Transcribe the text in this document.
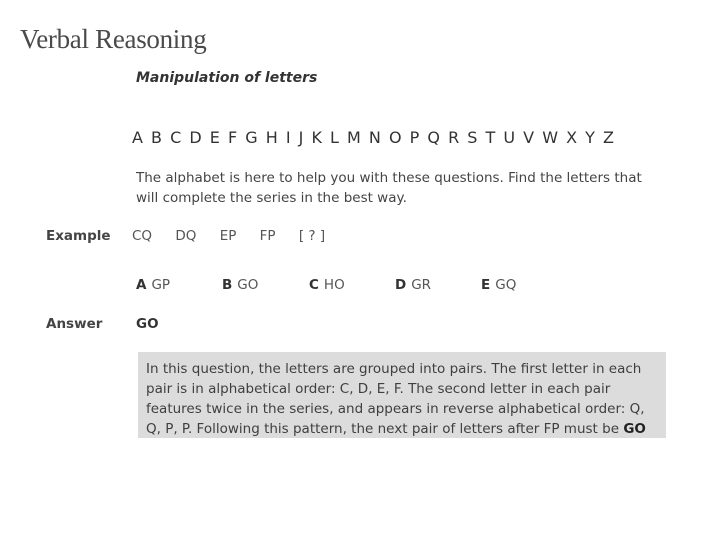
Verbal Reasoning
Manipulation of letters
A B C D E F G H I J K L M N O P Q R S T U V W X Y Z
The alphabet is here to help you with these questions. Find the letters that will complete the series in the best way.
Example CQ DQ EP FP [ ? ]
A GP	B GO	C HO	D GR	E GQ
Answer GO
In this question, the letters are grouped into pairs. The first letter in each pair is in alphabetical order: C, D, E, F. The second letter in each pair features twice in the series, and appears in reverse alphabetical order: Q, Q, P, P. Following this pattern, the next pair of letters after FP must be GO
